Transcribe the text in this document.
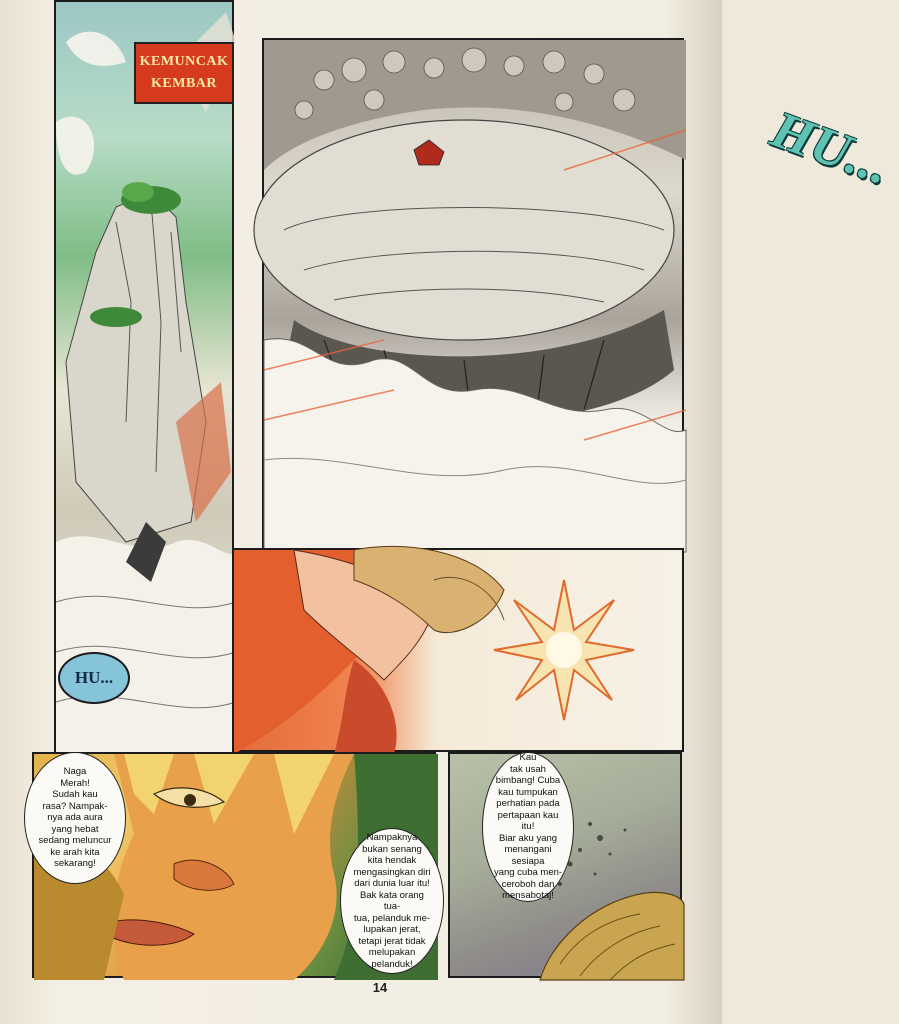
KEMUNCAK
KEMBAR
HU...
HU...
Naga
Merah!
Sudah kau
rasa? Nampak-
nya ada aura
yang hebat
sedang meluncur
ke arah kita
sekarang!
Nampaknya
bukan senang
kita hendak
mengasingkan diri
dari dunia luar itu!
Bak kata orang tua-
tua, pelanduk me-
lupakan jerat,
tetapi jerat tidak
melupakan
pelanduk!
Kau
tak usah
bimbang! Cuba
kau tumpukan
perhatian pada
pertapaan kau itu!
Biar aku yang
menangani sesiapa
yang cuba men-
ceroboh dan
mensabotaj!
14
